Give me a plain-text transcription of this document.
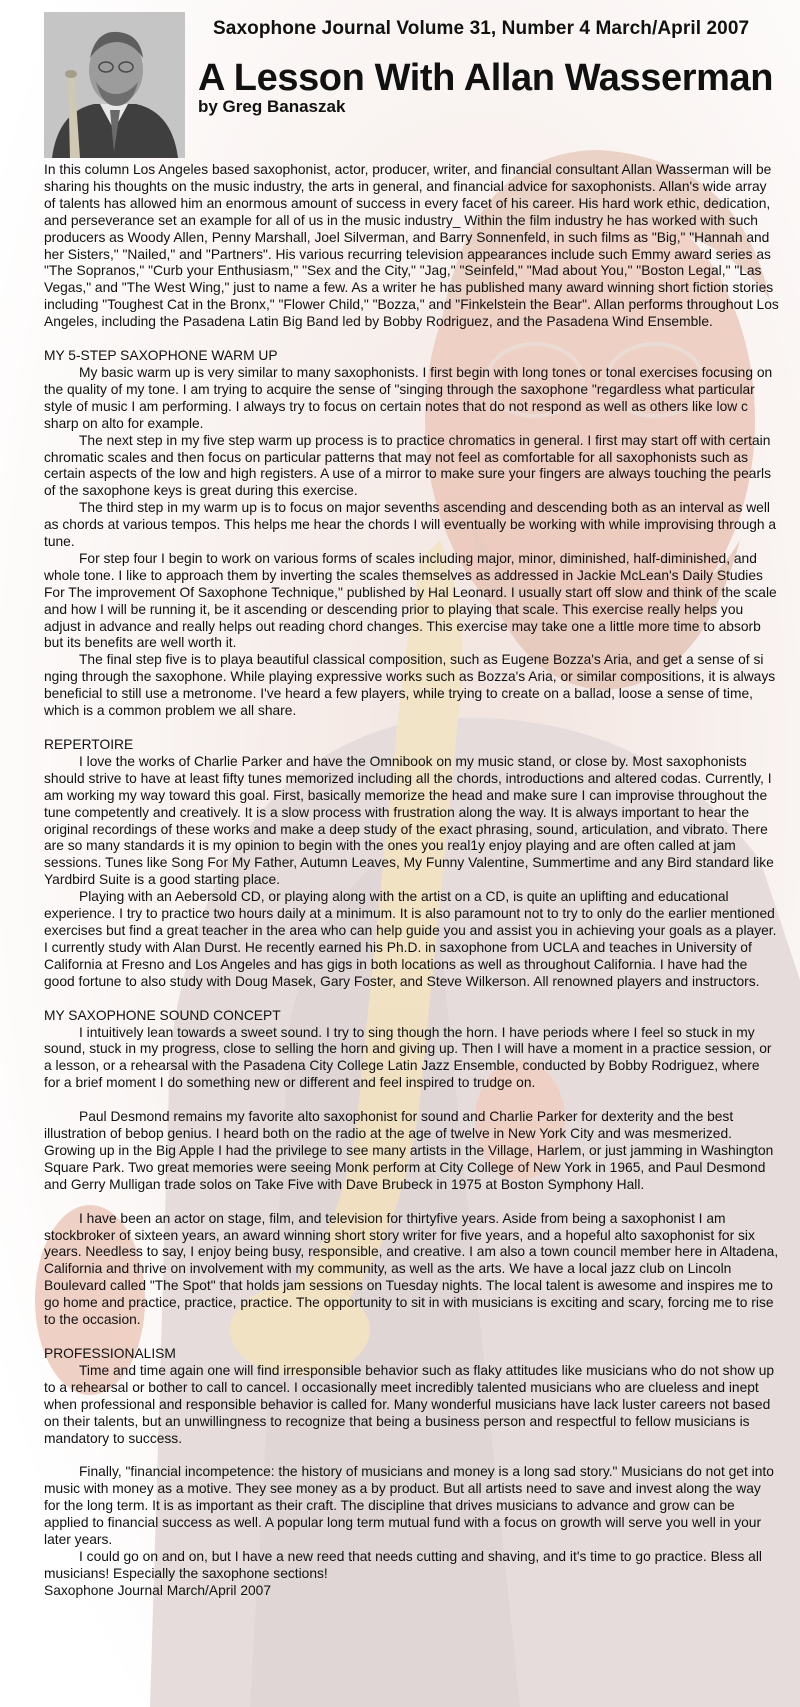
Saxophone Journal Volume 31, Number 4 March/April 2007
A Lesson With Allan Wasserman
by Greg Banaszak

In this column Los Angeles based saxophonist, actor, producer, writer, and financial consultant Allan Wasserman will be sharing his thoughts on the music industry, the arts in general, and financial advice for saxophonists. Allan's wide array of talents has allowed him an enormous amount of success in every facet of his career. His hard work ethic, dedication, and perseverance set an example for all of us in the music industry_ Within the film industry he has worked with such producers as Woody Allen, Penny Marshall, Joel Silverman, and Barry Sonnenfeld, in such films as "Big," "Hannah and her Sisters," "Nailed," and "Partners". His various recurring television appearances include such Emmy award series as "The Sopranos," "Curb your Enthusiasm," "Sex and the City," "Jag," "Seinfeld," "Mad about You," "Boston Legal," "Las Vegas," and "The West Wing," just to name a few. As a writer he has published many award winning short fiction stories including "Toughest Cat in the Bronx," "Flower Child," "Bozza," and "Finkelstein the Bear". Allan performs throughout Los Angeles, including the Pasadena Latin Big Band led by Bobby Rodriguez, and the Pasadena Wind Ensemble.

MY 5-STEP SAXOPHONE WARM UP

My basic warm up is very similar to many saxophonists. I first begin with long tones or tonal exercises focusing on the quality of my tone. I am trying to acquire the sense of "singing through the saxophone "regardless what particular style of music I am performing. I always try to focus on certain notes that do not respond as well as others like low c sharp on alto for example.

The next step in my five step warm up process is to practice chromatics in general. I first may start off with certain chromatic scales and then focus on particular patterns that may not feel as comfortable for all saxophonists such as certain aspects of the low and high registers. A use of a mirror to make sure your fingers are always touching the pearls of the saxophone keys is great during this exercise.

The third step in my warm up is to focus on major sevenths ascending and descending both as an interval as well as chords at various tempos. This helps me hear the chords I will eventually be working with while improvising through a tune.

For step four I begin to work on various forms of scales including major, minor, diminished, half-diminished, and whole tone. I like to approach them by inverting the scales themselves as addressed in Jackie McLean's Daily Studies For The improvement Of Saxophone Technique," published by Hal Leonard. I usually start off slow and think of the scale and how I will be running it, be it ascending or descending prior to playing that scale. This exercise really helps you adjust in advance and really helps out reading chord changes. This exercise may take one a little more time to absorb but its benefits are well worth it.

The final step five is to playa beautiful classical composition, such as Eugene Bozza's Aria, and get a sense of si nging through the saxophone. While playing expressive works such as Bozza's Aria, or similar compositions, it is always beneficial to still use a metronome. I've heard a few players, while trying to create on a ballad, loose a sense of time, which is a common problem we all share.

REPERTOIRE

I love the works of Charlie Parker and have the Omnibook on my music stand, or close by. Most saxophonists should strive to have at least fifty tunes memorized including all the chords, introductions and altered codas. Currently, I am working my way toward this goal. First, basically memorize the head and make sure I can improvise throughout the tune competently and creatively. It is a slow process with frustration along the way. It is always important to hear the original recordings of these works and make a deep study of the exact phrasing, sound, articulation, and vibrato. There are so many standards it is my opinion to begin with the ones you real1y enjoy playing and are often called at jam sessions. Tunes like Song For My Father, Autumn Leaves, My Funny Valentine, Summertime and any Bird standard like Yardbird Suite is a good starting place.

Playing with an Aebersold CD, or playing along with the artist on a CD, is quite an uplifting and educational experience. I try to practice two hours daily at a minimum. It is also paramount not to try to only do the earlier mentioned exercises but find a great teacher in the area who can help guide you and assist you in achieving your goals as a player. I currently study with Alan Durst. He recently earned his Ph.D. in saxophone from UCLA and teaches in University of California at Fresno and Los Angeles and has gigs in both locations as well as throughout California. I have had the good fortune to also study with Doug Masek, Gary Foster, and Steve Wilkerson. All renowned players and instructors.

MY SAXOPHONE SOUND CONCEPT

I intuitively lean towards a sweet sound. I try to sing though the horn. I have periods where I feel so stuck in my sound, stuck in my progress, close to selling the horn and giving up. Then I will have a moment in a practice session, or a lesson, or a rehearsal with the Pasadena City College Latin Jazz Ensemble, conducted by Bobby Rodriguez, where for a brief moment I do something new or different and feel inspired to trudge on.

Paul Desmond remains my favorite alto saxophonist for sound and Charlie Parker for dexterity and the best illustration of bebop genius. I heard both on the radio at the age of twelve in New York City and was mesmerized. Growing up in the Big Apple I had the privilege to see many artists in the Village, Harlem, or just jamming in Washington Square Park. Two great memories were seeing Monk perform at City College of New York in 1965, and Paul Desmond and Gerry Mulligan trade solos on Take Five with Dave Brubeck in 1975 at Boston Symphony Hall.

I have been an actor on stage, film, and television for thirtyfive years. Aside from being a saxophonist I am stockbroker of sixteen years, an award winning short story writer for five years, and a hopeful alto saxophonist for six years. Needless to say, I enjoy being busy, responsible, and creative. I am also a town council member here in Altadena, California and thrive on involvement with my community, as well as the arts. We have a local jazz club on Lincoln Boulevard called "The Spot" that holds jam sessions on Tuesday nights. The local talent is awesome and inspires me to go home and practice, practice, practice. The opportunity to sit in with musicians is exciting and scary, forcing me to rise to the occasion.

PROFESSIONALISM

Time and time again one will find irresponsible behavior such as flaky attitudes like musicians who do not show up to a rehearsal or bother to call to cancel. I occasionally meet incredibly talented musicians who are clueless and inept when professional and responsible behavior is called for. Many wonderful musicians have lack luster careers not based on their talents, but an unwillingness to recognize that being a business person and respectful to fellow musicians is mandatory to success.

Finally, "financial incompetence: the history of musicians and money is a long sad story." Musicians do not get into music with money as a motive. They see money as a by product. But all artists need to save and invest along the way for the long term. It is as important as their craft. The discipline that drives musicians to advance and grow can be applied to financial success as well. A popular long term mutual fund with a focus on growth will serve you well in your later years.

I could go on and on, but I have a new reed that needs cutting and shaving, and it's time to go practice. Bless all musicians! Especially the saxophone sections!

Saxophone Journal March/April 2007
